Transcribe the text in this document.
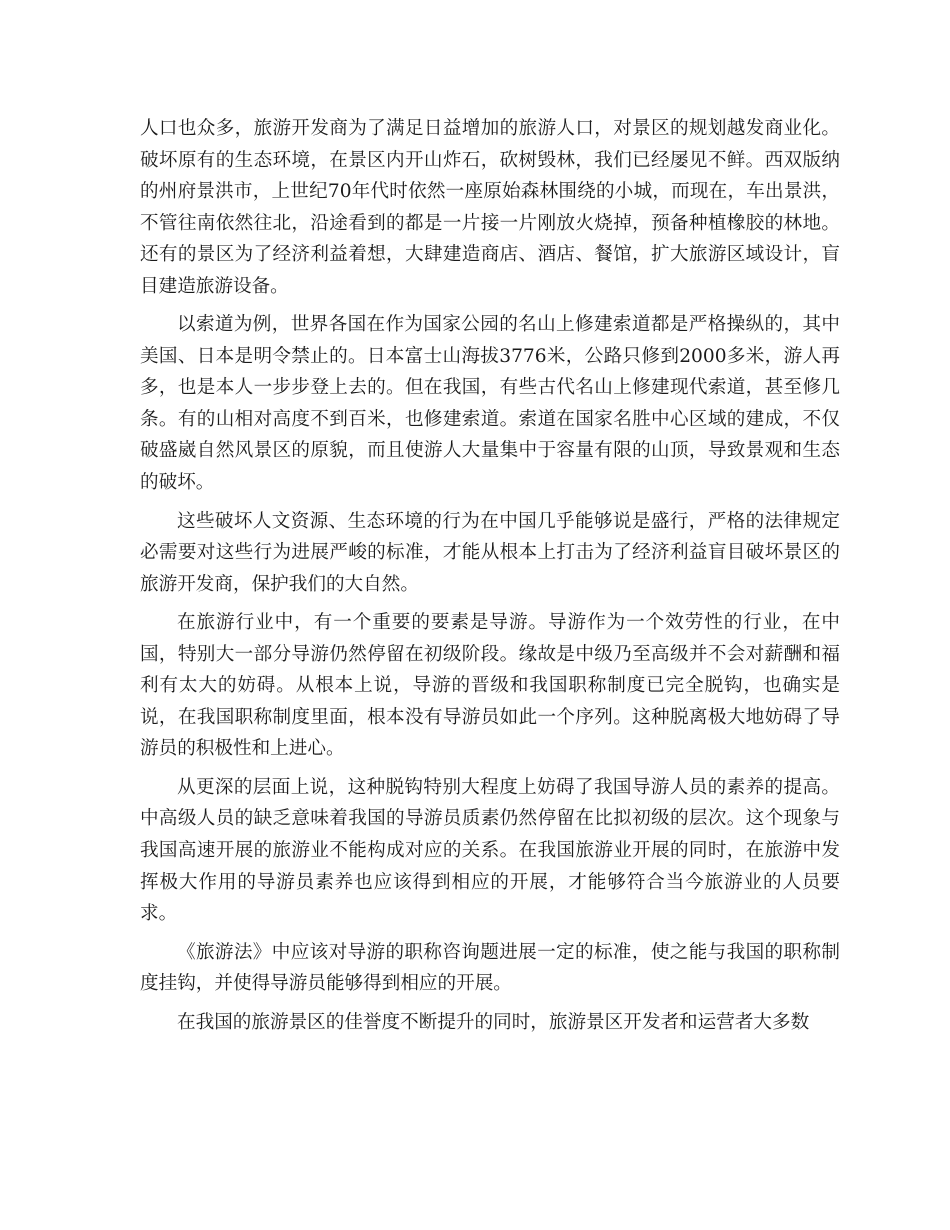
人口也众多，旅游开发商为了满足日益增加的旅游人口，对景区的规划越发商业化。破坏原有的生态环境，在景区内开山炸石，砍树毁林，我们已经屡见不鲜。西双版纳的州府景洪市，上世纪70年代时依然一座原始森林围绕的小城，而现在，车出景洪，不管往南依然往北，沿途看到的都是一片接一片刚放火烧掉，预备种植橡胶的林地。还有的景区为了经济利益着想，大肆建造商店、酒店、餐馆，扩大旅游区域设计，盲目建造旅游设备。

以索道为例，世界各国在作为国家公园的名山上修建索道都是严格操纵的，其中美国、日本是明令禁止的。日本富士山海拔3776米，公路只修到2000多米，游人再多，也是本人一步步登上去的。但在我国，有些古代名山上修建现代索道，甚至修几条。有的山相对高度不到百米，也修建索道。索道在国家名胜中心区域的建成，不仅破盛崴自然风景区的原貌，而且使游人大量集中于容量有限的山顶，导致景观和生态的破坏。

这些破坏人文资源、生态环境的行为在中国几乎能够说是盛行，严格的法律规定必需要对这些行为进展严峻的标准，才能从根本上打击为了经济利益盲目破坏景区的旅游开发商，保护我们的大自然。

在旅游行业中，有一个重要的要素是导游。导游作为一个效劳性的行业，在中国，特别大一部分导游仍然停留在初级阶段。缘故是中级乃至高级并不会对薪酬和福利有太大的妨碍。从根本上说，导游的晋级和我国职称制度已完全脱钩，也确实是说，在我国职称制度里面，根本没有导游员如此一个序列。这种脱离极大地妨碍了导游员的积极性和上进心。

从更深的层面上说，这种脱钩特别大程度上妨碍了我国导游人员的素养的提高。中高级人员的缺乏意味着我国的导游员质素仍然停留在比拟初级的层次。这个现象与我国高速开展的旅游业不能构成对应的关系。在我国旅游业开展的同时，在旅游中发挥极大作用的导游员素养也应该得到相应的开展，才能够符合当今旅游业的人员要求。

《旅游法》中应该对导游的职称咨询题进展一定的标准，使之能与我国的职称制度挂钩，并使得导游员能够得到相应的开展。

在我国的旅游景区的佳誉度不断提升的同时，旅游景区开发者和运营者大多数
